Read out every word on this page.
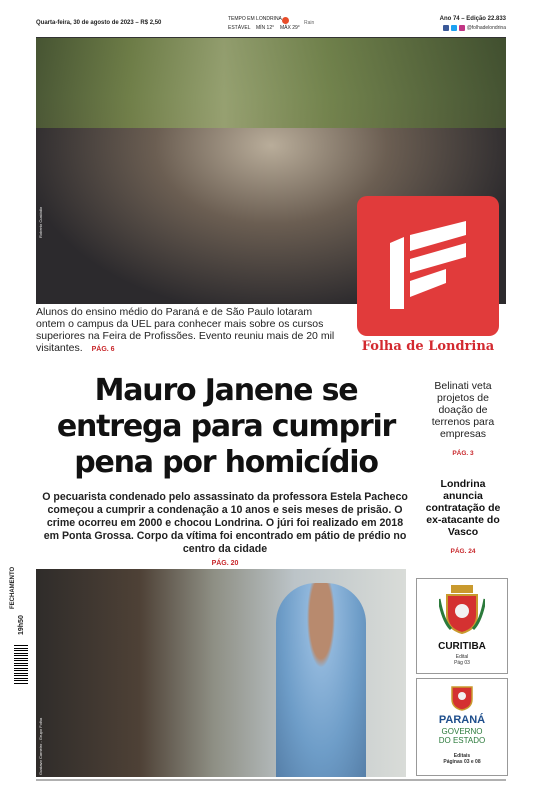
Quarta-feira, 30 de agosto de 2023 – R$ 2,50
TEMPO EM LONDRINA
ESTÁVEL MÍN 12° MÁX 29°
Rain
Ano 74 – Edição 22.833
@folhadelondrina
Roberto Custódio
Alunos do ensino médio do Paraná e de São Paulo lotaram ontem o campus da UEL para conhecer mais sobre os cursos superiores na Feira de Profissões. Evento reuniu mais de 20 mil visitantes. PÁG. 6	Folha de Londrina
Mauro Janene se entrega para cumprir pena por homicídio
O pecuarista condenado pelo assassinato da professora Estela Pacheco começou a cumprir a condenação a 10 anos e seis meses de prisão. O crime ocorreu em 2000 e chocou Londrina. O júri foi realizado em 2018 em Ponta Grossa. Corpo da vítima foi encontrado em pátio de prédio no centro da cidade
PÁG. 20
Belinati veta projetos de doação de terrenos para empresas
PÁG. 3
Londrina anuncia contratação de ex-atacante do Vasco
PÁG. 24
FECHAMENTO
19h50
Gustavo Carneiro - Grupo Folha
CURITIBA
Edital
Pág 03
PARANÁ
GOVERNO
DO ESTADO
Editais
Páginas 03 e 08
